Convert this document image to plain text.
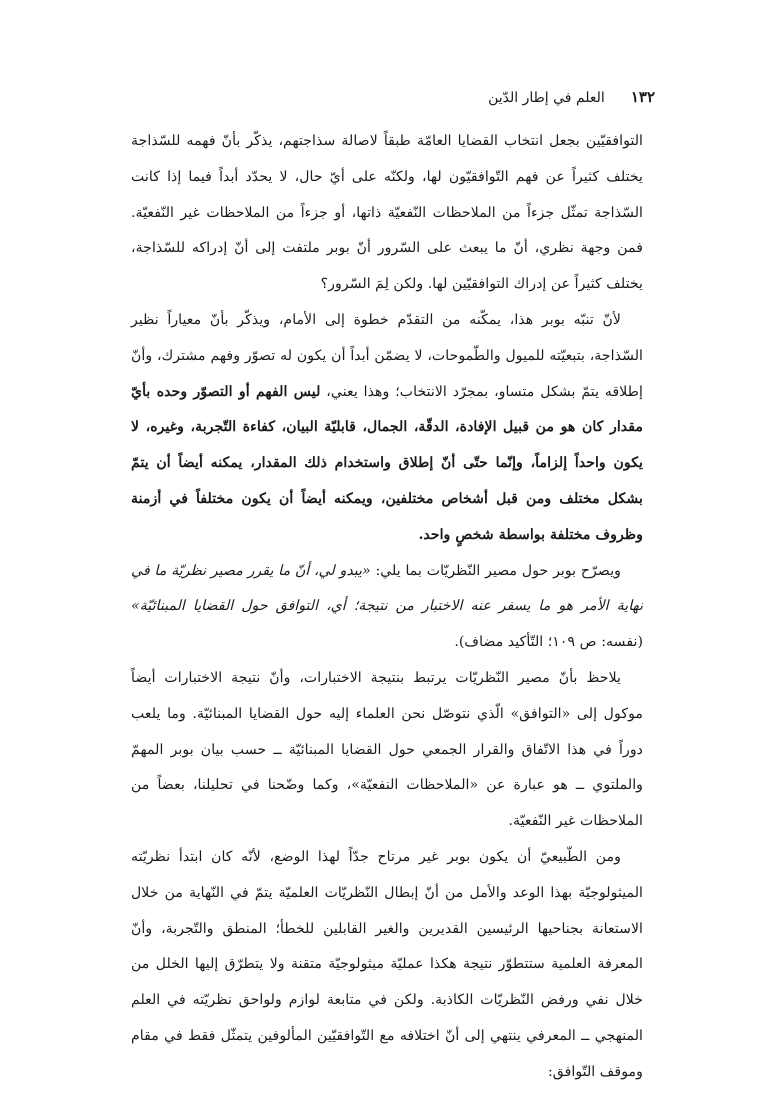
١٣٢
العلم في إطار الدّين

التوافقيّين بجعل انتخاب القضايا العامّة طبقاً لاصالة سذاجتهم، يذكّر بأنّ فهمه للسّذاجة يختلف كثيراً عن فهم التّوافقيّون لها، ولكنّه على أيّ حال، لا يحدّد أبداً فيما إذا كانت السّذاجة تمثّل جزءاً من الملاحظات النّفعيّة ذاتها، أو جزءاً من الملاحظات غير النّفعيّة. فمن وجهة نظري، أنّ ما يبعث على السّرور أنّ بوبر ملتفت إلى أنّ إدراكه للسّذاجة، يختلف كثيراً عن إدراك التوافقيّين لها. ولكن لِمَ السّرور؟

لأنّ تنبّه بوبر هذا، يمكّنه من التقدّم خطوة إلى الأمام، ويذكّر بأنّ معياراً نظير السّذاجة، بتبعيّته للميول والطّموحات، لا يضمّن أبداً أن يكون له تصوّر وفهم مشترك، وأنّ إطلاقه يتمّ بشكل متساو، بمجرّد الانتخاب؛ وهذا يعني، ليس الفهم أو التصوّر وحده بأيّ مقدار كان هو من قبيل الإفادة، الدقّة، الجمال، قابليّة البيان، كفاءة التّجربة، وغيره، لا يكون واحداً إلزاماً، وإنّما حتّى أنّ إطلاق واستخدام ذلك المقدار، يمكنه أيضاً أن يتمّ بشكل مختلف ومن قبل أشخاص مختلفين، ويمكنه أيضاً أن يكون مختلفاً في أزمنة وظروف مختلفة بواسطة شخصٍ واحد.

ويصرّح بوبر حول مصير النّظريّات بما يلي: «يبدو لي، أنّ ما يقرر مصير نظريّة ما في نهاية الأمر هو ما يسفر عنه الاختبار من نتيجة؛ أي، التوافق حول القضايا المبنائيّة» (نفسه: ص ١٠٩؛ التّأكيد مضاف).

يلاحظ بأنّ مصير النّظريّات يرتبط بنتيجة الاختبارات، وأنّ نتيجة الاختبارات أيضاً موكول إلى «التوافق» الّذي نتوصّل نحن العلماء إليه حول القضايا المبنائيّة. وما يلعب دوراً في هذا الاتّفاق والقرار الجمعي حول القضايا المبنائيّة ــ حسب بيان بوبر المهمّ والملتوي ــ هو عبارة عن «الملاحظات النفعيّة»، وكما وضّحنا في تحليلنا، بعضاً من الملاحظات غير النّفعيّة.

ومن الطّبيعيّ أن يكون بوبر غير مرتاح جدّاً لهذا الوضع، لأنّه كان ابتدأ نظريّته الميثولوجيّة بهذا الوعد والأمل من أنّ إبطال النّظريّات العلميّة يتمّ في النّهاية من خلال الاستعانة بجناحيها الرئيسين القديرين والغير القابلين للخطأ؛ المنطق والتّجربة، وأنّ المعرفة العلمية ستتطوّر نتيجة هكذا عمليّة ميثولوجيّة متقنة ولا يتطرّق إليها الخلل من خلال نفي ورفض النّظريّات الكاذبة. ولكن في متابعة لوازم ولواحق نظريّته في العلم المنهجي ــ المعرفي ينتهي إلى أنّ اختلافه مع التّوافقيّين المألوفين يتمثّل فقط في مقام وموقف التّوافق:
